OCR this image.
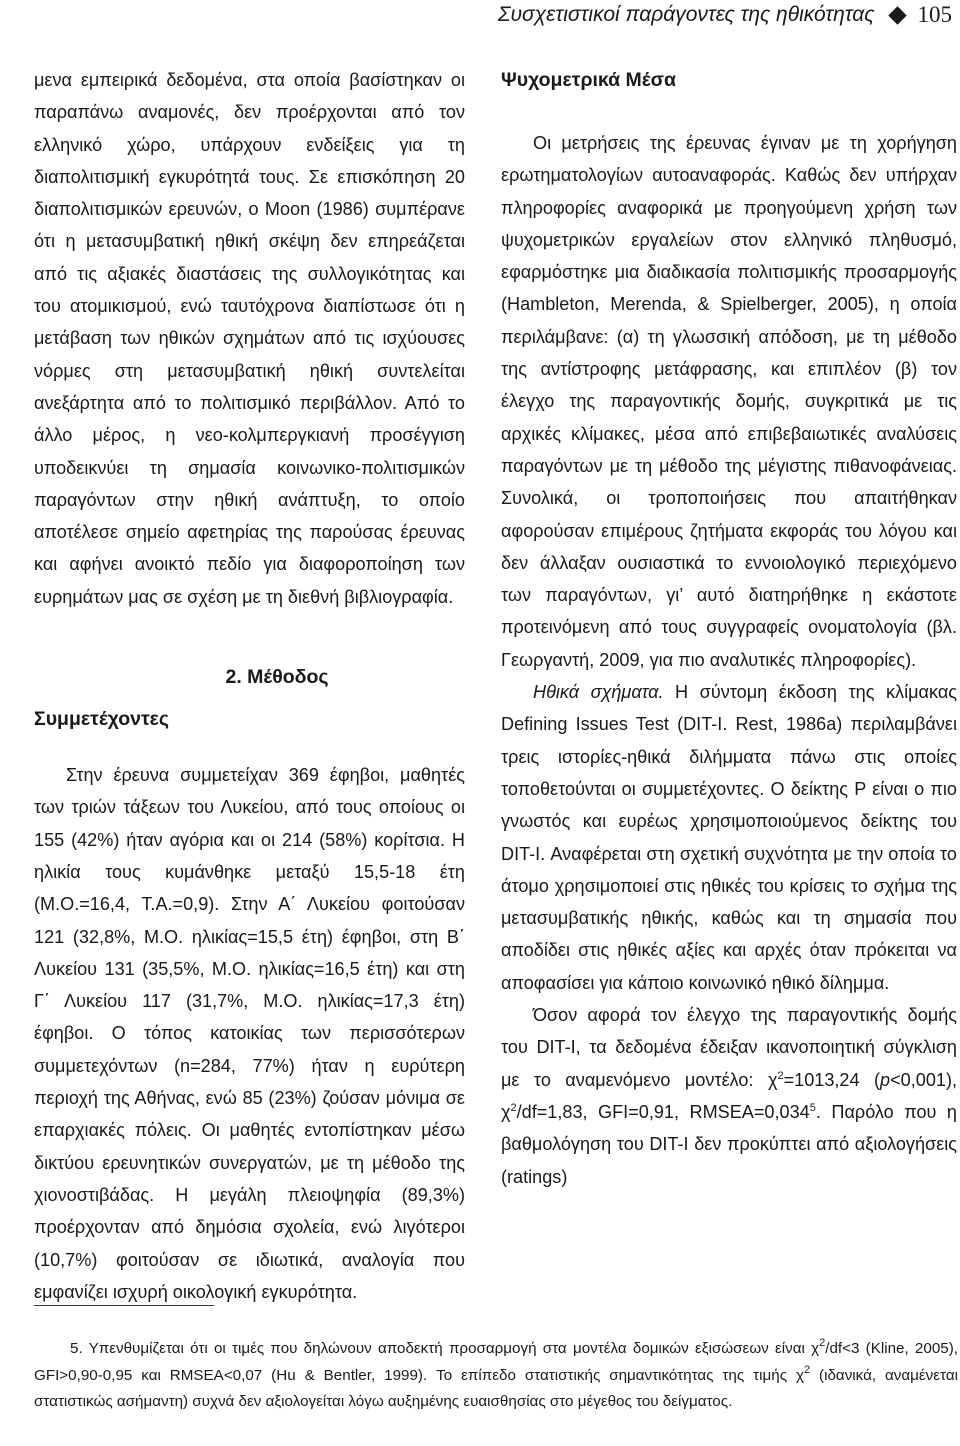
Συσχετιστικοί παράγοντες της ηθικότητας 105

μενα εμπειρικά δεδομένα, στα οποία βασίστηκαν οι παραπάνω αναμονές, δεν προέρχονται από τον ελληνικό χώρο, υπάρχουν ενδείξεις για τη διαπολιτισμική εγκυρότητά τους. Σε επισκόπηση 20 διαπολιτισμικών ερευνών, ο Moon (1986) συμπέρανε ότι η μετασυμβατική ηθική σκέψη δεν επηρεάζεται από τις αξιακές διαστάσεις της συλλογικότητας και του ατομικισμού, ενώ ταυτόχρονα διαπίστωσε ότι η μετάβαση των ηθικών σχημάτων από τις ισχύουσες νόρμες στη μετασυμβατική ηθική συντελείται ανεξάρτητα από το πολιτισμικό περιβάλλον. Από το άλλο μέρος, η νεο-κολμπεργκιανή προσέγγιση υποδεικνύει τη σημασία κοινωνικο-πολιτισμικών παραγόντων στην ηθική ανάπτυξη, το οποίο αποτέλεσε σημείο αφετηρίας της παρούσας έρευνας και αφήνει ανοικτό πεδίο για διαφοροποίηση των ευρημάτων μας σε σχέση με τη διεθνή βιβλιογραφία.

2. Μέθοδος
Συμμετέχοντες

Στην έρευνα συμμετείχαν 369 έφηβοι, μαθητές των τριών τάξεων του Λυκείου, από τους οποίους οι 155 (42%) ήταν αγόρια και οι 214 (58%) κορίτσια. Η ηλικία τους κυμάνθηκε μεταξύ 15,5-18 έτη (Μ.Ο.=16,4, Τ.Α.=0,9). Στην Α΄ Λυκείου φοιτούσαν 121 (32,8%, Μ.Ο. ηλικίας=15,5 έτη) έφηβοι, στη Β΄ Λυκείου 131 (35,5%, Μ.Ο. ηλικίας=16,5 έτη) και στη Γ΄ Λυκείου 117 (31,7%, Μ.Ο. ηλικίας=17,3 έτη) έφηβοι. Ο τόπος κατοικίας των περισσότερων συμμετεχόντων (n=284, 77%) ήταν η ευρύτερη περιοχή της Αθήνας, ενώ 85 (23%) ζούσαν μόνιμα σε επαρχιακές πόλεις. Οι μαθητές εντοπίστηκαν μέσω δικτύου ερευνητικών συνεργατών, με τη μέθοδο της χιονοστιβάδας. Η μεγάλη πλειοψηφία (89,3%) προέρχονταν από δημόσια σχολεία, ενώ λιγότεροι (10,7%) φοιτούσαν σε ιδιωτικά, αναλογία που εμφανίζει ισχυρή οικολογική εγκυρότητα.

Ψυχομετρικά Μέσα

Οι μετρήσεις της έρευνας έγιναν με τη χορήγηση ερωτηματολογίων αυτοαναφοράς. Καθώς δεν υπήρχαν πληροφορίες αναφορικά με προηγούμενη χρήση των ψυχομετρικών εργαλείων στον ελληνικό πληθυσμό, εφαρμόστηκε μια διαδικασία πολιτισμικής προσαρμογής (Hambleton, Merenda, & Spielberger, 2005), η οποία περιλάμβανε: (α) τη γλωσσική απόδοση, με τη μέθοδο της αντίστροφης μετάφρασης, και επιπλέον (β) τον έλεγχο της παραγοντικής δομής, συγκριτικά με τις αρχικές κλίμακες, μέσα από επιβεβαιωτικές αναλύσεις παραγόντων με τη μέθοδο της μέγιστης πιθανοφάνειας. Συνολικά, οι τροποποιήσεις που απαιτήθηκαν αφορούσαν επιμέρους ζητήματα εκφοράς του λόγου και δεν άλλαξαν ουσιαστικά το εννοιολογικό περιεχόμενο των παραγόντων, γι’ αυτό διατηρήθηκε η εκάστοτε προτεινόμενη από τους συγγραφείς ονοματολογία (βλ. Γεωργαντή, 2009, για πιο αναλυτικές πληροφορίες).

Ηθικά σχήματα. Η σύντομη έκδοση της κλίμακας Defining Issues Test (DIT-I. Rest, 1986a) περιλαμβάνει τρεις ιστορίες-ηθικά διλήμματα πάνω στις οποίες τοποθετούνται οι συμμετέχοντες. Ο δείκτης Ρ είναι ο πιο γνωστός και ευρέως χρησιμοποιούμενος δείκτης του DIT-I. Αναφέρεται στη σχετική συχνότητα με την οποία το άτομο χρησιμοποιεί στις ηθικές του κρίσεις το σχήμα της μετασυμβατικής ηθικής, καθώς και τη σημασία που αποδίδει στις ηθικές αξίες και αρχές όταν πρόκειται να αποφασίσει για κάποιο κοινωνικό ηθικό δίλημμα.

Όσον αφορά τον έλεγχο της παραγοντικής δομής του DIT-I, τα δεδομένα έδειξαν ικανοποιητική σύγκλιση με το αναμενόμενο μοντέλο: $\chi^2=1013,24$ (p<0,001), $\chi^2/df=1,83$, GFI=0,91, $RMSEA=0,034^5$. Παρόλο που η βαθμολόγηση του DIT-I δεν προκύπτει από αξιολογήσεις (ratings)

5. Υπενθυμίζεται ότι οι τιμές που δηλώνουν αποδεκτή προσαρμογή στα μοντέλα δομικών εξισώσεων είναι $\chi^2/df<3$ (Kline, 2005), GFI>0,90-0,95 και RMSEA<0,07 (Hu & Bentler, 1999). Το επίπεδο στατιστικής σημαντικότητας της τιμής $\chi^2$ (ιδανικά, αναμένεται στατιστικώς ασήμαντη) συχνά δεν αξιολογείται λόγω αυξημένης ευαισθησίας στο μέγεθος του δείγματος.
